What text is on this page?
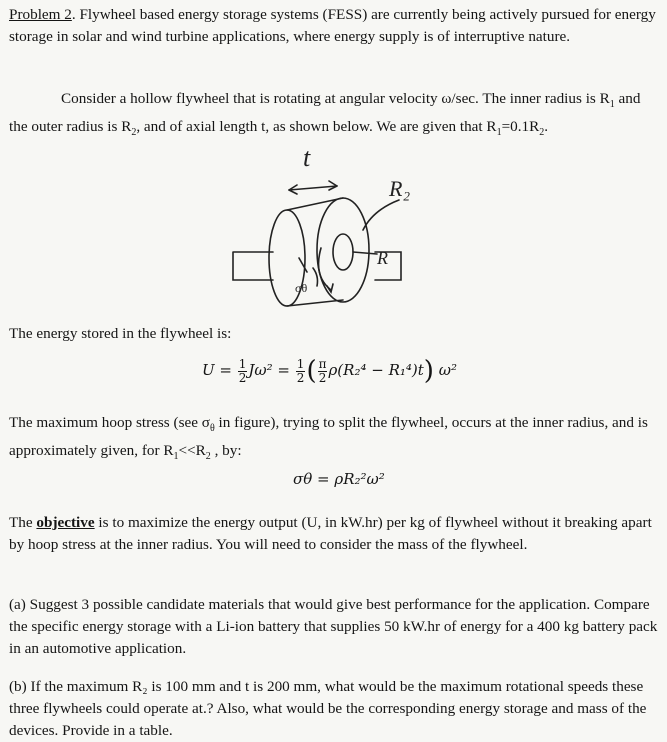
Problem 2. Flywheel based energy storage systems (FESS) are currently being actively pursued for energy storage in solar and wind turbine applications, where energy supply is of interruptive nature.

Consider a hollow flywheel that is rotating at angular velocity ω/sec. The inner radius is $R_1$ and the outer radius is $R_2$, and of axial length t, as shown below. We are given that $R_1=0.1R_2$.

t
R₂
R
σθ

The energy stored in the flywheel is:

$U = \frac{1}{2} J\omega^2 = \frac{1}{2}$ ( $\frac{\pi}{2} \rho(R_2^4 - R_1^4)t$) ω²

The maximum hoop stress (see $\sigma_\theta$ in figure), trying to split the flywheel, occurs at the inner radius, and is approximately given, for $R_1<<R_2$ , by:

σθ = ρR₂²ω²

The objective is to maximize the energy output (U, in kW.hr) per kg of flywheel without it breaking apart by hoop stress at the inner radius. You will need to consider the mass of the flywheel.

(a) Suggest 3 possible candidate materials that would give best performance for the application. Compare the specific energy storage with a Li-ion battery that supplies 50 kW.hr of energy for a 400 kg battery pack in an automotive application.

(b) If the maximum R₂ is 100 mm and t is 200 mm, what would be the maximum rotational speeds these three flywheels could operate at.? Also, what would be the corresponding energy storage and mass of the devices. Provide in a table.
